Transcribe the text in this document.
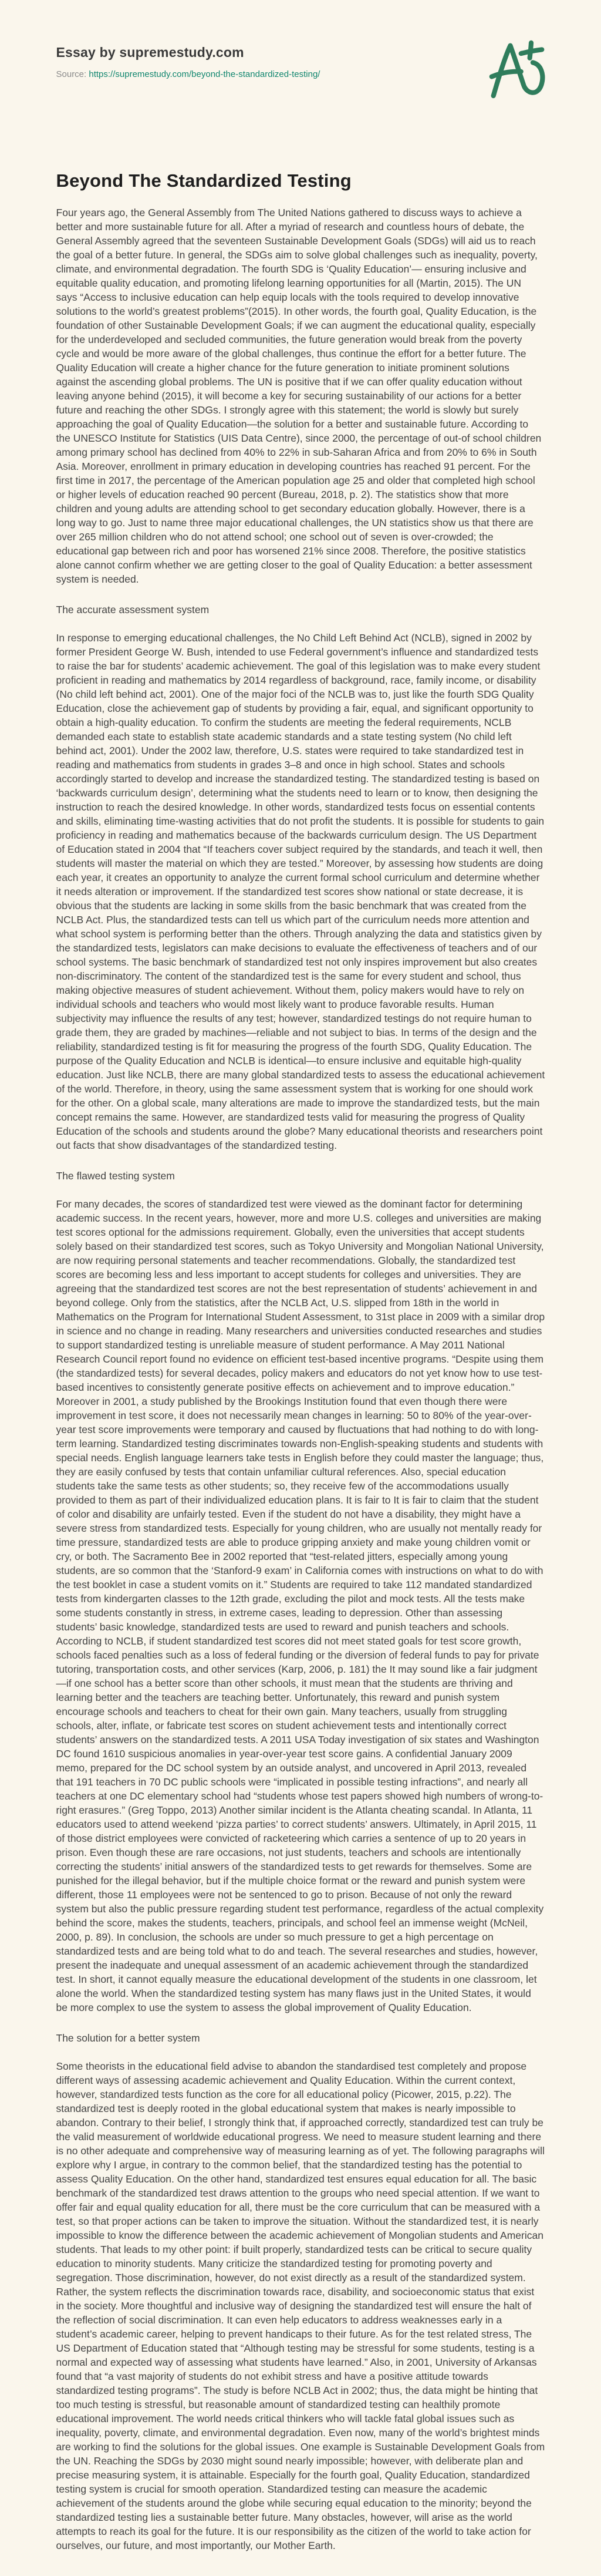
Essay by supremestudy.com

Source: https://supremestudy.com/beyond-the-standardized-testing/

Beyond The Standardized Testing

Four years ago, the General Assembly from The United Nations gathered to discuss ways to achieve a better and more sustainable future for all. After a myriad of research and countless hours of debate, the General Assembly agreed that the seventeen Sustainable Development Goals (SDGs) will aid us to reach the goal of a better future. In general, the SDGs aim to solve global challenges such as inequality, poverty, climate, and environmental degradation. The fourth SDG is ‘Quality Education’— ensuring inclusive and equitable quality education, and promoting lifelong learning opportunities for all (Martin, 2015). The UN says “Access to inclusive education can help equip locals with the tools required to develop innovative solutions to the world’s greatest problems”(2015). In other words, the fourth goal, Quality Education, is the foundation of other Sustainable Development Goals; if we can augment the educational quality, especially for the underdeveloped and secluded communities, the future generation would break from the poverty cycle and would be more aware of the global challenges, thus continue the effort for a better future. The Quality Education will create a higher chance for the future generation to initiate prominent solutions against the ascending global problems. The UN is positive that if we can offer quality education without leaving anyone behind (2015), it will become a key for securing sustainability of our actions for a better future and reaching the other SDGs. I strongly agree with this statement; the world is slowly but surely approaching the goal of Quality Education—the solution for a better and sustainable future. According to the UNESCO Institute for Statistics (UIS Data Centre), since 2000, the percentage of out-of school children among primary school has declined from 40% to 22% in sub-Saharan Africa and from 20% to 6% in South Asia. Moreover, enrollment in primary education in developing countries has reached 91 percent. For the first time in 2017, the percentage of the American population age 25 and older that completed high school or higher levels of education reached 90 percent (Bureau, 2018, p. 2). The statistics show that more children and young adults are attending school to get secondary education globally. However, there is a long way to go. Just to name three major educational challenges, the UN statistics show us that there are over 265 million children who do not attend school; one school out of seven is over-crowded; the educational gap between rich and poor has worsened 21% since 2008. Therefore, the positive statistics alone cannot confirm whether we are getting closer to the goal of Quality Education: a better assessment system is needed.

The accurate assessment system

In response to emerging educational challenges, the No Child Left Behind Act (NCLB), signed in 2002 by former President George W. Bush, intended to use Federal government’s influence and standardized tests to raise the bar for students’ academic achievement. The goal of this legislation was to make every student proficient in reading and mathematics by 2014 regardless of background, race, family income, or disability (No child left behind act, 2001). One of the major foci of the NCLB was to, just like the fourth SDG Quality Education, close the achievement gap of students by providing a fair, equal, and significant opportunity to obtain a high-quality education. To confirm the students are meeting the federal requirements, NCLB demanded each state to establish state academic standards and a state testing system (No child left behind act, 2001). Under the 2002 law, therefore, U.S. states were required to take standardized test in reading and mathematics from students in grades 3–8 and once in high school. States and schools accordingly started to develop and increase the standardized testing. The standardized testing is based on ‘backwards curriculum design’, determining what the students need to learn or to know, then designing the instruction to reach the desired knowledge. In other words, standardized tests focus on essential contents and skills, eliminating time-wasting activities that do not profit the students. It is possible for students to gain proficiency in reading and mathematics because of the backwards curriculum design. The US Department of Education stated in 2004 that “If teachers cover subject required by the standards, and teach it well, then students will master the material on which they are tested.” Moreover, by assessing how students are doing each year, it creates an opportunity to analyze the current formal school curriculum and determine whether it needs alteration or improvement. If the standardized test scores show national or state decrease, it is obvious that the students are lacking in some skills from the basic benchmark that was created from the NCLB Act. Plus, the standardized tests can tell us which part of the curriculum needs more attention and what school system is performing better than the others. Through analyzing the data and statistics given by the standardized tests, legislators can make decisions to evaluate the effectiveness of teachers and of our school systems. The basic benchmark of standardized test not only inspires improvement but also creates non-discriminatory. The content of the standardized test is the same for every student and school, thus making objective measures of student achievement. Without them, policy makers would have to rely on individual schools and teachers who would most likely want to produce favorable results. Human subjectivity may influence the results of any test; however, standardized testings do not require human to grade them, they are graded by machines—reliable and not subject to bias. In terms of the design and the reliability, standardized testing is fit for measuring the progress of the fourth SDG, Quality Education. The purpose of the Quality Education and NCLB is identical—to ensure inclusive and equitable high-quality education. Just like NCLB, there are many global standardized tests to assess the educational achievement of the world. Therefore, in theory, using the same assessment system that is working for one should work for the other. On a global scale, many alterations are made to improve the standardized tests, but the main concept remains the same. However, are standardized tests valid for measuring the progress of Quality Education of the schools and students around the globe? Many educational theorists and researchers point out facts that show disadvantages of the standardized testing.

The flawed testing system

For many decades, the scores of standardized test were viewed as the dominant factor for determining academic success. In the recent years, however, more and more U.S. colleges and universities are making test scores optional for the admissions requirement. Globally, even the universities that accept students solely based on their standardized test scores, such as Tokyo University and Mongolian National University, are now requiring personal statements and teacher recommendations. Globally, the standardized test scores are becoming less and less important to accept students for colleges and universities. They are agreeing that the standardized test scores are not the best representation of students’ achievement in and beyond college. Only from the statistics, after the NCLB Act, U.S. slipped from 18th in the world in Mathematics on the Program for International Student Assessment, to 31st place in 2009 with a similar drop in science and no change in reading. Many researchers and universities conducted researches and studies to support standardized testing is unreliable measure of student performance. A May 2011 National Research Council report found no evidence on efficient test-based incentive programs. “Despite using them (the standardized tests) for several decades, policy makers and educators do not yet know how to use test-based incentives to consistently generate positive effects on achievement and to improve education.” Moreover in 2001, a study published by the Brookings Institution found that even though there were improvement in test score, it does not necessarily mean changes in learning: 50 to 80% of the year-over-year test score improvements were temporary and caused by fluctuations that had nothing to do with long-term learning. Standardized testing discriminates towards non-English-speaking students and students with special needs. English language learners take tests in English before they could master the language; thus, they are easily confused by tests that contain unfamiliar cultural references. Also, special education students take the same tests as other students; so, they receive few of the accommodations usually provided to them as part of their individualized education plans. It is fair to It is fair to claim that the student of color and disability are unfairly tested. Even if the student do not have a disability, they might have a severe stress from standardized tests. Especially for young children, who are usually not mentally ready for time pressure, standardized tests are able to produce gripping anxiety and make young children vomit or cry, or both. The Sacramento Bee in 2002 reported that “test-related jitters, especially among young students, are so common that the ‘Stanford-9 exam’ in California comes with instructions on what to do with the test booklet in case a student vomits on it.” Students are required to take 112 mandated standardized tests from kindergarten classes to the 12th grade, excluding the pilot and mock tests. All the tests make some students constantly in stress, in extreme cases, leading to depression. Other than assessing students’ basic knowledge, standardized tests are used to reward and punish teachers and schools. According to NCLB, if student standardized test scores did not meet stated goals for test score growth, schools faced penalties such as a loss of federal funding or the diversion of federal funds to pay for private tutoring, transportation costs, and other services (Karp, 2006, p. 181) the It may sound like a fair judgment—if one school has a better score than other schools, it must mean that the students are thriving and learning better and the teachers are teaching better. Unfortunately, this reward and punish system encourage schools and teachers to cheat for their own gain. Many teachers, usually from struggling schools, alter, inflate, or fabricate test scores on student achievement tests and intentionally correct students’ answers on the standardized tests. A 2011 USA Today investigation of six states and Washington DC found 1610 suspicious anomalies in year-over-year test score gains. A confidential January 2009 memo, prepared for the DC school system by an outside analyst, and uncovered in April 2013, revealed that 191 teachers in 70 DC public schools were “implicated in possible testing infractions”, and nearly all teachers at one DC elementary school had “students whose test papers showed high numbers of wrong-to-right erasures.” (Greg Toppo, 2013) Another similar incident is the Atlanta cheating scandal. In Atlanta, 11 educators used to attend weekend ‘pizza parties’ to correct students’ answers. Ultimately, in April 2015, 11 of those district employees were convicted of racketeering which carries a sentence of up to 20 years in prison. Even though these are rare occasions, not just students, teachers and schools are intentionally correcting the students’ initial answers of the standardized tests to get rewards for themselves. Some are punished for the illegal behavior, but if the multiple choice format or the reward and punish system were different, those 11 employees were not be sentenced to go to prison. Because of not only the reward system but also the public pressure regarding student test performance, regardless of the actual complexity behind the score, makes the students, teachers, principals, and school feel an immense weight (McNeil, 2000, p. 89). In conclusion, the schools are under so much pressure to get a high percentage on standardized tests and are being told what to do and teach. The several researches and studies, however, present the inadequate and unequal assessment of an academic achievement through the standardized test. In short, it cannot equally measure the educational development of the students in one classroom, let alone the world. When the standardized testing system has many flaws just in the United States, it would be more complex to use the system to assess the global improvement of Quality Education.

The solution for a better system

Some theorists in the educational field advise to abandon the standardised test completely and propose different ways of assessing academic achievement and Quality Education. Within the current context, however, standardized tests function as the core for all educational policy (Picower, 2015, p.22). The standardized test is deeply rooted in the global educational system that makes is nearly impossible to abandon. Contrary to their belief, I strongly think that, if approached correctly, standardized test can truly be the valid measurement of worldwide educational progress. We need to measure student learning and there is no other adequate and comprehensive way of measuring learning as of yet. The following paragraphs will explore why I argue, in contrary to the common belief, that the standardized testing has the potential to assess Quality Education. On the other hand, standardized test ensures equal education for all. The basic benchmark of the standardized test draws attention to the groups who need special attention. If we want to offer fair and equal quality education for all, there must be the core curriculum that can be measured with a test, so that proper actions can be taken to improve the situation. Without the standardized test, it is nearly impossible to know the difference between the academic achievement of Mongolian students and American students. That leads to my other point: if built properly, standardized tests can be critical to secure quality education to minority students. Many criticize the standardized testing for promoting poverty and segregation. Those discrimination, however, do not exist directly as a result of the standardized system. Rather, the system reflects the discrimination towards race, disability, and socioeconomic status that exist in the society. More thoughtful and inclusive way of designing the standardized test will ensure the halt of the reflection of social discrimination. It can even help educators to address weaknesses early in a student’s academic career, helping to prevent handicaps to their future. As for the test related stress, The US Department of Education stated that “Although testing may be stressful for some students, testing is a normal and expected way of assessing what students have learned.” Also, in 2001, University of Arkansas found that “a vast majority of students do not exhibit stress and have a positive attitude towards standardized testing programs”. The study is before NCLB Act in 2002; thus, the data might be hinting that too much testing is stressful, but reasonable amount of standardized testing can healthily promote educational improvement. The world needs critical thinkers who will tackle fatal global issues such as inequality, poverty, climate, and environmental degradation. Even now, many of the world’s brightest minds are working to find the solutions for the global issues. One example is Sustainable Development Goals from the UN. Reaching the SDGs by 2030 might sound nearly impossible; however, with deliberate plan and precise measuring system, it is attainable. Especially for the fourth goal, Quality Education, standardized testing system is crucial for smooth operation. Standardized testing can measure the academic achievement of the students around the globe while securing equal education to the minority; beyond the standardized testing lies a sustainable better future. Many obstacles, however, will arise as the world attempts to reach its goal for the future. It is our responsibility as the citizen of the world to take action for ourselves, our future, and most importantly, our Mother Earth.
